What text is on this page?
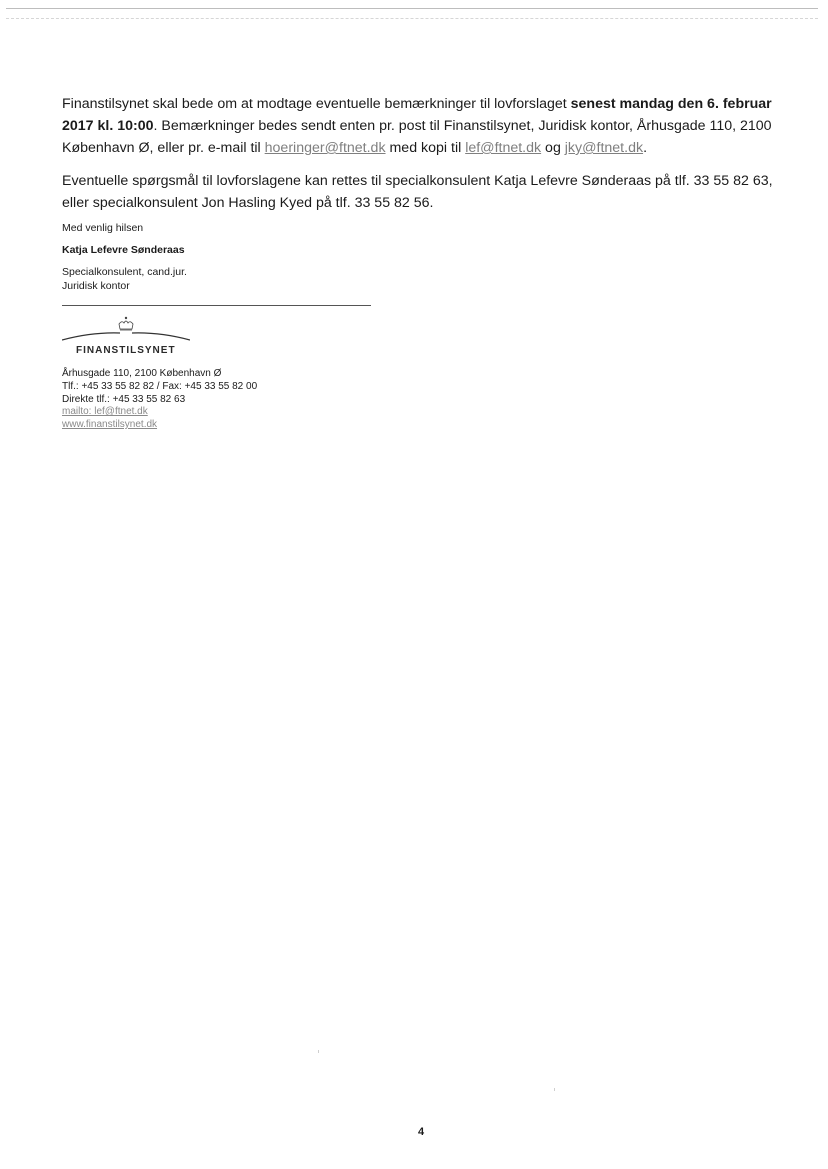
Finanstilsynet skal bede om at modtage eventuelle bemærkninger til lovforslaget senest mandag den 6. februar 2017 kl. 10:00. Bemærkninger bedes sendt enten pr. post til Finanstilsynet, Juridisk kontor, Århusgade 110, 2100 København Ø, eller pr. e-mail til hoeringer@ftnet.dk med kopi til lef@ftnet.dk og jky@ftnet.dk.

Eventuelle spørgsmål til lovforslagene kan rettes til specialkonsulent Katja Lefevre Sønderaas på tlf. 33 55 82 63, eller specialkonsulent Jon Hasling Kyed på tlf. 33 55 82 56.

Med venlig hilsen
Katja Lefevre Sønderaas
Specialkonsulent, cand.jur.
Juridisk kontor
FINANSTILSYNET
Århusgade 110, 2100 København Ø
Tlf.: +45 33 55 82 82 / Fax: +45 33 55 82 00
Direkte tlf.: +45 33 55 82 63
mailto: lef@ftnet.dk
www.finanstilsynet.dk
4
